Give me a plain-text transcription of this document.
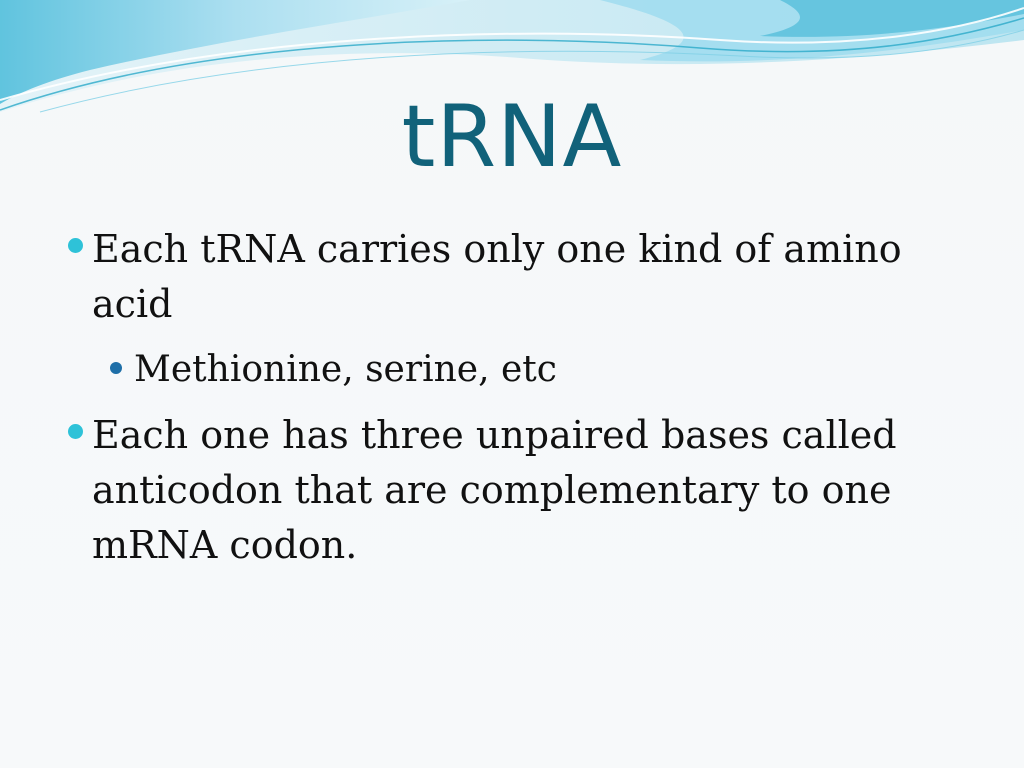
tRNA
Each tRNA carries only one kind of amino acid
Methionine, serine, etc
Each one has three unpaired bases called anticodon that are complementary to one mRNA codon.
